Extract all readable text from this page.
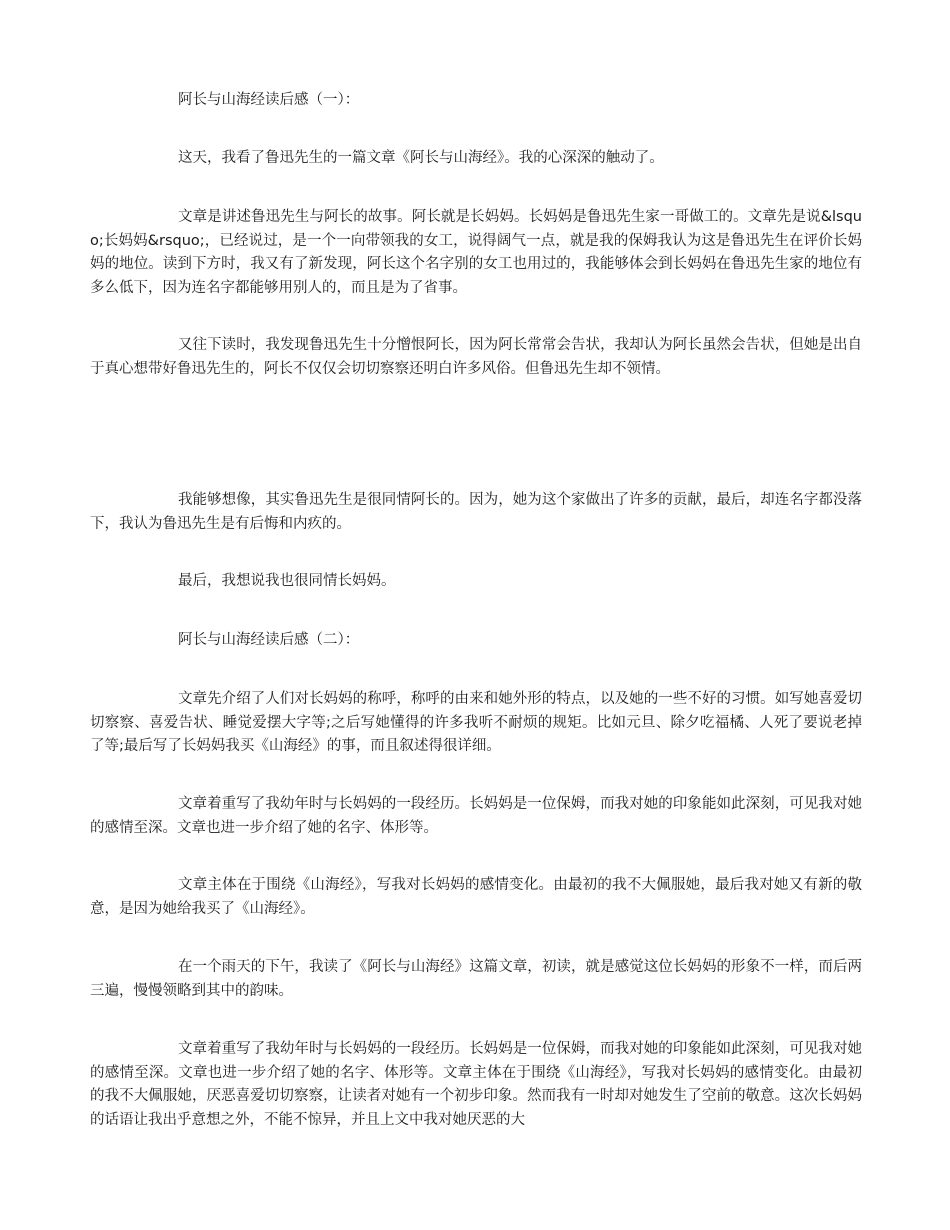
阿长与山海经读后感（一）：

这天，我看了鲁迅先生的一篇文章《阿长与山海经》。我的心深深的触动了。

文章是讲述鲁迅先生与阿长的故事。阿长就是长妈妈。长妈妈是鲁迅先生家一哥做工的。文章先是说&lsquo;长妈妈&rsquo;，已经说过，是一个一向带领我的女工，说得阔气一点，就是我的保姆我认为这是鲁迅先生在评价长妈妈的地位。读到下方时，我又有了新发现，阿长这个名字别的女工也用过的，我能够体会到长妈妈在鲁迅先生家的地位有多么低下，因为连名字都能够用别人的，而且是为了省事。

又往下读时，我发现鲁迅先生十分憎恨阿长，因为阿长常常会告状，我却认为阿长虽然会告状，但她是出自于真心想带好鲁迅先生的，阿长不仅仅会切切察察还明白许多风俗。但鲁迅先生却不领情。

我能够想像，其实鲁迅先生是很同情阿长的。因为，她为这个家做出了许多的贡献，最后，却连名字都没落下，我认为鲁迅先生是有后悔和内疚的。

最后，我想说我也很同情长妈妈。

阿长与山海经读后感（二）：

文章先介绍了人们对长妈妈的称呼，称呼的由来和她外形的特点，以及她的一些不好的习惯。如写她喜爱切切察察、喜爱告状、睡觉爱摆大字等;之后写她懂得的许多我听不耐烦的规矩。比如元旦、除夕吃福橘、人死了要说老掉了等;最后写了长妈妈我买《山海经》的事，而且叙述得很详细。

文章着重写了我幼年时与长妈妈的一段经历。长妈妈是一位保姆，而我对她的印象能如此深刻，可见我对她的感情至深。文章也进一步介绍了她的名字、体形等。

文章主体在于围绕《山海经》，写我对长妈妈的感情变化。由最初的我不大佩服她，最后我对她又有新的敬意，是因为她给我买了《山海经》。

在一个雨天的下午，我读了《阿长与山海经》这篇文章，初读，就是感觉这位长妈妈的形象不一样，而后两三遍，慢慢领略到其中的韵味。

文章着重写了我幼年时与长妈妈的一段经历。长妈妈是一位保姆，而我对她的印象能如此深刻，可见我对她的感情至深。文章也进一步介绍了她的名字、体形等。文章主体在于围绕《山海经》，写我对长妈妈的感情变化。由最初的我不大佩服她，厌恶喜爱切切察察，让读者对她有一个初步印象。然而我有一时却对她发生了空前的敬意。这次长妈妈的话语让我出乎意想之外，不能不惊异，并且上文中我对她厌恶的大
